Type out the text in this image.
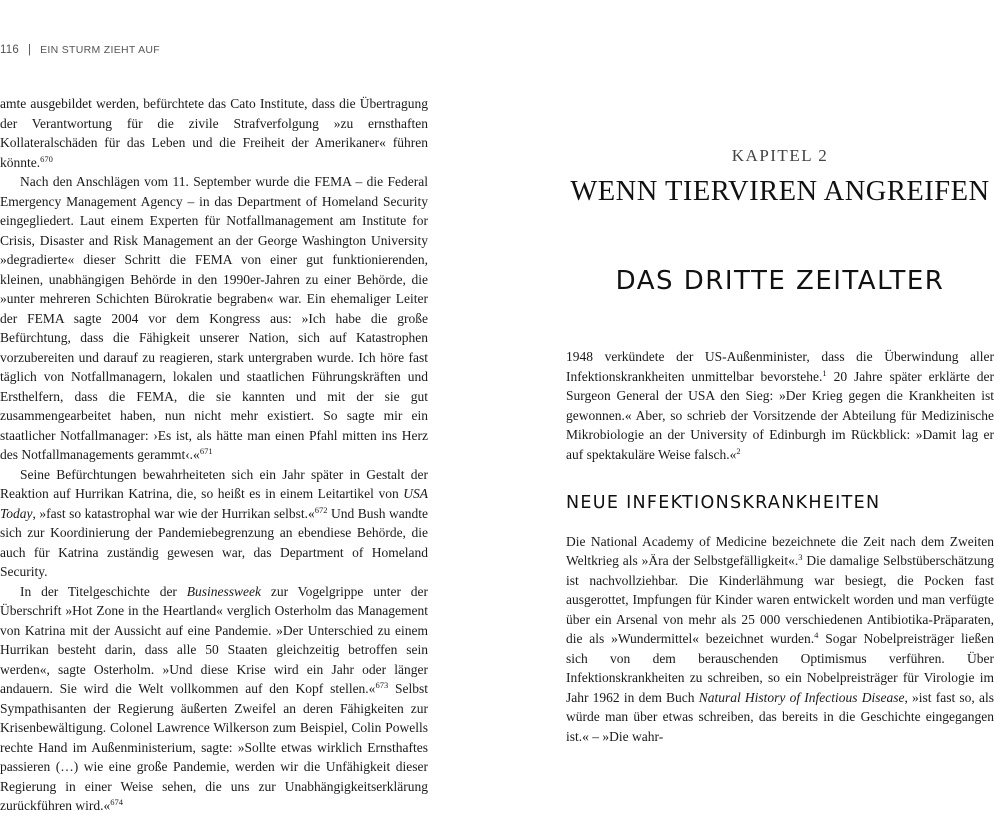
116 | EIN STURM ZIEHT AUF

amte ausgebildet werden, befürchtete das Cato Institute, dass die Übertragung der Verantwortung für die zivile Strafverfolgung »zu ernsthaften Kollateralschäden für das Leben und die Freiheit der Amerikaner« führen könnte.$^{670}$

Nach den Anschlägen vom 11. September wurde die FEMA – die Federal Emergency Management Agency – in das Department of Homeland Security eingegliedert. Laut einem Experten für Notfallmanagement am Institute for Crisis, Disaster and Risk Management an der George Washington University »degradierte« dieser Schritt die FEMA von einer gut funktionierenden, kleinen, unabhängigen Behörde in den 1990er-Jahren zu einer Behörde, die »unter mehreren Schichten Bürokratie begraben« war. Ein ehemaliger Leiter der FEMA sagte 2004 vor dem Kongress aus: »Ich habe die große Befürchtung, dass die Fähigkeit unserer Nation, sich auf Katastrophen vorzubereiten und darauf zu reagieren, stark untergraben wurde. Ich höre fast täglich von Notfallmanagern, lokalen und staatlichen Führungskräften und Ersthelfern, dass die FEMA, die sie kannten und mit der sie gut zusammengearbeitet haben, nun nicht mehr existiert. So sagte mir ein staatlicher Notfallmanager: ›Es ist, als hätte man einen Pfahl mitten ins Herz des Notfallmanagements gerammt‹.«$^{671}$

Seine Befürchtungen bewahrheiteten sich ein Jahr später in Gestalt der Reaktion auf Hurrikan Katrina, die, so heißt es in einem Leitartikel von USA Today, »fast so katastrophal war wie der Hurrikan selbst.«$^{672}$ Und Bush wandte sich zur Koordinierung der Pandemiebegrenzung an ebendiese Behörde, die auch für Katrina zuständig gewesen war, das Department of Homeland Security.

In der Titelgeschichte der Businessweek zur Vogelgrippe unter der Überschrift »Hot Zone in the Heartland« verglich Osterholm das Management von Katrina mit der Aussicht auf eine Pandemie. »Der Unterschied zu einem Hurrikan besteht darin, dass alle 50 Staaten gleichzeitig betroffen sein werden«, sagte Osterholm. »Und diese Krise wird ein Jahr oder länger andauern. Sie wird die Welt vollkommen auf den Kopf stellen.«$^{673}$ Selbst Sympathisanten der Regierung äußerten Zweifel an deren Fähigkeiten zur Krisenbewältigung. Colonel Lawrence Wilkerson zum Beispiel, Colin Powells rechte Hand im Außenministerium, sagte: »Sollte etwas wirklich Ernsthaftes passieren (…) wie eine große Pandemie, werden wir die Unfähigkeit dieser Regierung in einer Weise sehen, die uns zur Unabhängigkeitserklärung zurückführen wird.«$^{674}$

KAPITEL 2
WENN TIERVIREN ANGREIFEN
DAS DRITTE ZEITALTER

1948 verkündete der US-Außenminister, dass die Überwindung aller Infektionskrankheiten unmittelbar bevorstehe.$^1$ 20 Jahre später erklärte der Surgeon General der USA den Sieg: »Der Krieg gegen die Krankheiten ist gewonnen.« Aber, so schrieb der Vorsitzende der Abteilung für Medizinische Mikrobiologie an der University of Edinburgh im Rückblick: »Damit lag er auf spektakuläre Weise falsch.«$^2$

NEUE INFEKTIONSKRANKHEITEN

Die National Academy of Medicine bezeichnete die Zeit nach dem Zweiten Weltkrieg als »Ära der Selbstgefälligkeit«.$^3$ Die damalige Selbstüberschätzung ist nachvollziehbar. Die Kinderlähmung war besiegt, die Pocken fast ausgerottet, Impfungen für Kinder waren entwickelt worden und man verfügte über ein Arsenal von mehr als 25 000 verschiedenen Antibiotika-Präparaten, die als »Wundermittel« bezeichnet wurden.$^4$ Sogar Nobelpreisträger ließen sich von dem berauschenden Optimismus verführen. Über Infektionskrankheiten zu schreiben, so ein Nobelpreisträger für Virologie im Jahr 1962 in dem Buch Natural History of Infectious Disease, »ist fast so, als würde man über etwas schreiben, das bereits in die Geschichte eingegangen ist.« – »Die wahr-
